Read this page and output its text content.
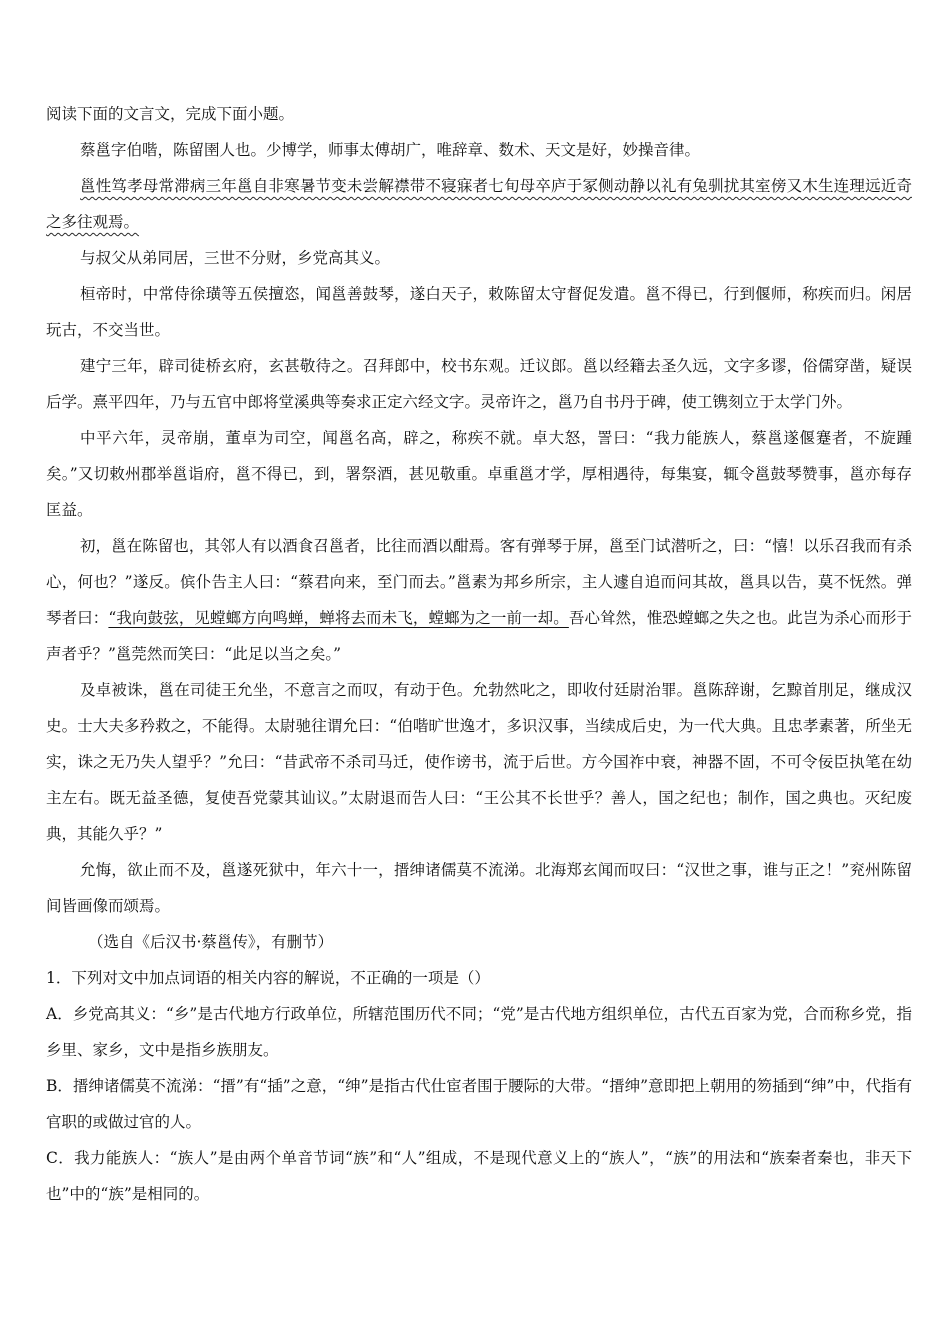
阅读下面的文言文，完成下面小题。

蔡邕字伯喈，陈留圉人也。少博学，师事太傅胡广，唯辞章、数术、天文是好，妙操音律。

邕性笃孝母常滞病三年邕自非寒暑节变未尝解襟带不寝寐者七旬母卒庐于冢侧动静以礼有兔驯扰其室傍又木生连理远近奇之多往观焉。

与叔父从弟同居，三世不分财，乡党高其义。

桓帝时，中常侍徐璜等五侯擅恣，闻邕善鼓琴，遂白天子，敕陈留太守督促发遣。邕不得已，行到偃师，称疾而归。闲居玩古，不交当世。

建宁三年，辟司徒桥玄府，玄甚敬待之。召拜郎中，校书东观。迁议郎。邕以经籍去圣久远，文字多谬，俗儒穿凿，疑误后学。熹平四年，乃与五官中郎将堂溪典等奏求正定六经文字。灵帝许之，邕乃自书丹于碑，使工镌刻立于太学门外。

中平六年，灵帝崩，董卓为司空，闻邕名高，辟之，称疾不就。卓大怒，詈曰：“我力能族人，蔡邕遂偃蹇者，不旋踵矣。”又切敕州郡举邕诣府，邕不得已，到，署祭酒，甚见敬重。卓重邕才学，厚相遇待，每集宴，辄令邕鼓琴赞事，邕亦每存匡益。

初，邕在陈留也，其邻人有以酒食召邕者，比往而酒以酣焉。客有弹琴于屏，邕至门试潜听之，曰：“憘！以乐召我而有杀心，何也？”遂反。傧仆告主人曰：“蔡君向来，至门而去。”邕素为邦乡所宗，主人遽自追而问其故，邕具以告，莫不怃然。弹琴者曰：“我向鼓弦，见螳螂方向鸣蝉，蝉将去而未飞，螳螂为之一前一却。吾心耸然，惟恐螳螂之失之也。此岂为杀心而形于声者乎？”邕莞然而笑曰：“此足以当之矣。”

及卓被诛，邕在司徒王允坐，不意言之而叹，有动于色。允勃然叱之，即收付廷尉治罪。邕陈辞谢，乞黥首刖足，继成汉史。士大夫多矜救之，不能得。太尉驰往谓允曰：“伯喈旷世逸才，多识汉事，当续成后史，为一代大典。且忠孝素著，所坐无实，诛之无乃失人望乎？”允曰：“昔武帝不杀司马迁，使作谤书，流于后世。方今国祚中衰，神器不固，不可令佞臣执笔在幼主左右。既无益圣德，复使吾党蒙其讪议。”太尉退而告人曰：“王公其不长世乎？善人，国之纪也；制作，国之典也。灭纪废典，其能久乎？”

允悔，欲止而不及，邕遂死狱中，年六十一，搢绅诸儒莫不流涕。北海郑玄闻而叹曰：“汉世之事，谁与正之！”兖州陈留间皆画像而颂焉。

（选自《后汉书·蔡邕传》，有删节）

1．下列对文中加点词语的相关内容的解说，不正确的一项是（）

A．乡党高其义：“乡”是古代地方行政单位，所辖范围历代不同；“党”是古代地方组织单位，古代五百家为党，合而称乡党，指乡里、家乡，文中是指乡族朋友。

B．搢绅诸儒莫不流涕：“搢”有“插”之意，“绅”是指古代仕宦者围于腰际的大带。“搢绅”意即把上朝用的笏插到“绅”中，代指有官职的或做过官的人。

C．我力能族人：“族人”是由两个单音节词“族”和“人”组成，不是现代意义上的“族人”，“族”的用法和“族秦者秦也，非天下也”中的“族”是相同的。
